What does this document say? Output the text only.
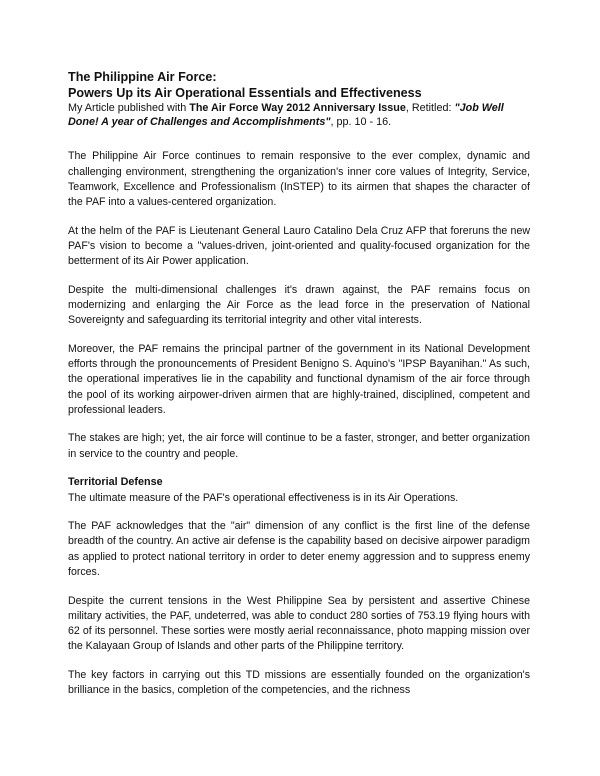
The Philippine Air Force:
Powers Up its Air Operational Essentials and Effectiveness
My Article published with The Air Force Way 2012 Anniversary Issue, Retitled: "Job Well Done! A year of Challenges and Accomplishments", pp. 10 - 16.

The Philippine Air Force continues to remain responsive to the ever complex, dynamic and challenging environment, strengthening the organization's inner core values of Integrity, Service, Teamwork, Excellence and Professionalism (InSTEP) to its airmen that shapes the character of the PAF into a values-centered organization.

At the helm of the PAF is Lieutenant General Lauro Catalino Dela Cruz AFP that foreruns the new PAF's vision to become a "values-driven, joint-oriented and quality-focused organization for the betterment of its Air Power application.

Despite the multi-dimensional challenges it's drawn against, the PAF remains focus on modernizing and enlarging the Air Force as the lead force in the preservation of National Sovereignty and safeguarding its territorial integrity and other vital interests.

Moreover, the PAF remains the principal partner of the government in its National Development efforts through the pronouncements of President Benigno S. Aquino's "IPSP Bayanihan." As such, the operational imperatives lie in the capability and functional dynamism of the air force through the pool of its working airpower-driven airmen that are highly-trained, disciplined, competent and professional leaders.

The stakes are high; yet, the air force will continue to be a faster, stronger, and better organization in service to the country and people.

Territorial Defense

The ultimate measure of the PAF's operational effectiveness is in its Air Operations.

The PAF acknowledges that the "air" dimension of any conflict is the first line of the defense breadth of the country. An active air defense is the capability based on decisive airpower paradigm as applied to protect national territory in order to deter enemy aggression and to suppress enemy forces.

Despite the current tensions in the West Philippine Sea by persistent and assertive Chinese military activities, the PAF, undeterred, was able to conduct 280 sorties of 753.19 flying hours with 62 of its personnel. These sorties were mostly aerial reconnaissance, photo mapping mission over the Kalayaan Group of Islands and other parts of the Philippine territory.

The key factors in carrying out this TD missions are essentially founded on the organization's brilliance in the basics, completion of the competencies, and the richness
